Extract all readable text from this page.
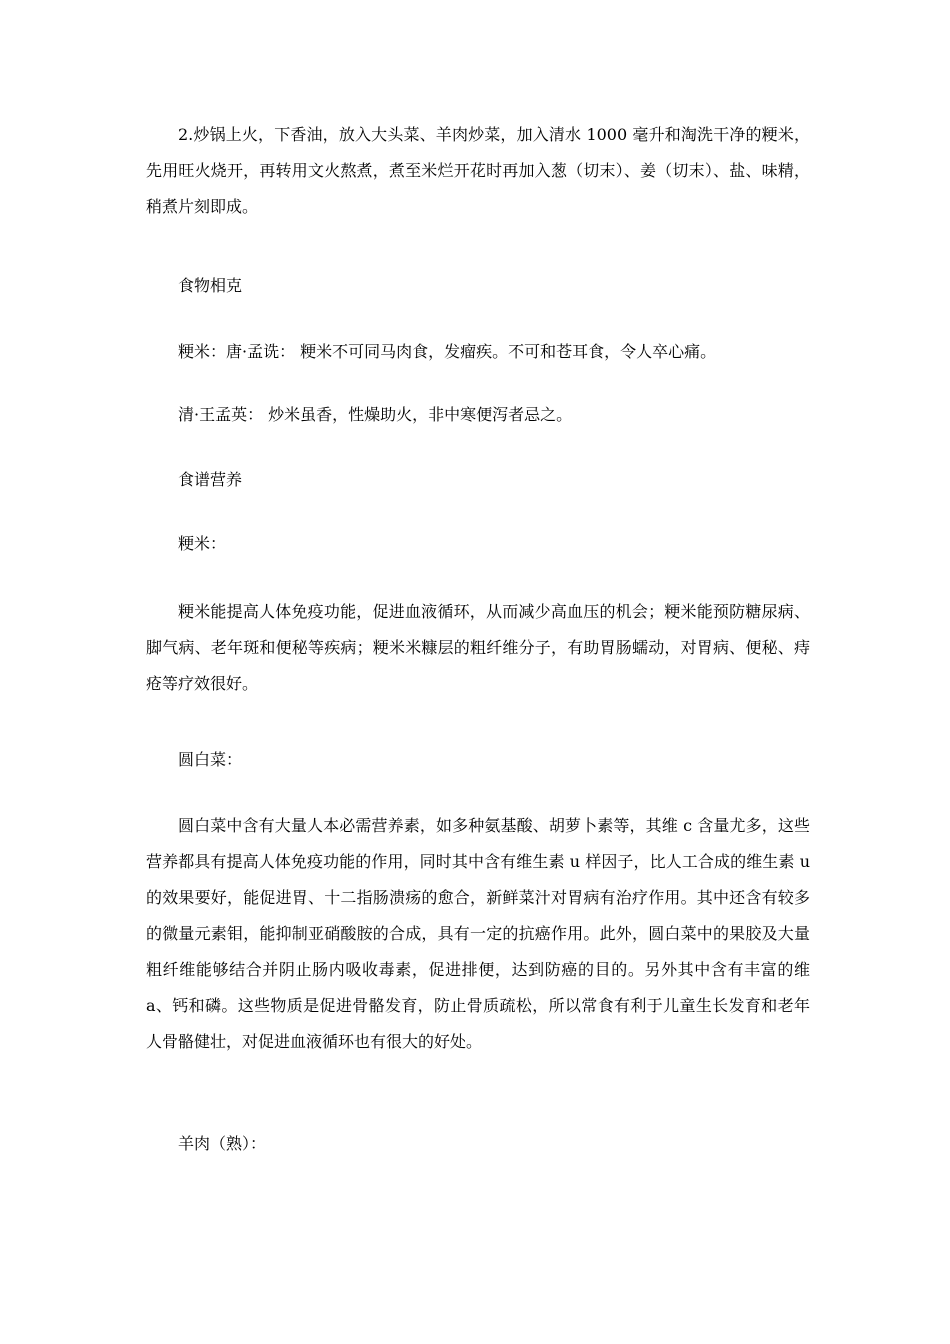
2.炒锅上火，下香油，放入大头菜、羊肉炒菜，加入清水 1000 毫升和淘洗干净的粳米，先用旺火烧开，再转用文火熬煮，煮至米烂开花时再加入葱（切末）、姜（切末）、盐、味精，稍煮片刻即成。

食物相克

粳米：唐·孟诜： 粳米不可同马肉食，发瘤疾。不可和苍耳食，令人卒心痛。

清·王孟英： 炒米虽香，性燥助火，非中寒便泻者忌之。

食谱营养

粳米：

粳米能提高人体免疫功能，促进血液循环，从而减少高血压的机会；粳米能预防糖尿病、脚气病、老年斑和便秘等疾病；粳米米糠层的粗纤维分子，有助胃肠蠕动，对胃病、便秘、痔疮等疗效很好。

圆白菜：

圆白菜中含有大量人本必需营养素，如多种氨基酸、胡萝卜素等，其维 c 含量尤多，这些营养都具有提高人体免疫功能的作用，同时其中含有维生素 u 样因子，比人工合成的维生素 u 的效果要好，能促进胃、十二指肠溃疡的愈合，新鲜菜汁对胃病有治疗作用。其中还含有较多的微量元素钼，能抑制亚硝酸胺的合成，具有一定的抗癌作用。此外，圆白菜中的果胶及大量粗纤维能够结合并阴止肠内吸收毒素，促进排便，达到防癌的目的。另外其中含有丰富的维 a、钙和磷。这些物质是促进骨骼发育，防止骨质疏松，所以常食有利于儿童生长发育和老年人骨骼健壮，对促进血液循环也有很大的好处。

羊肉（熟）：
